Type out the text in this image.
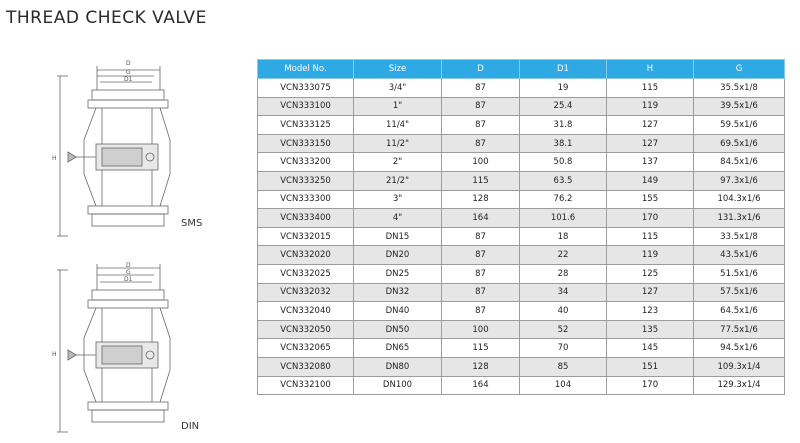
THREAD CHECK VALVE
D
G
D1
H
SMS
D
G
D1
H
DIN
Model No.	Size	D	D1	H	G
VCN333075	3/4"	87	19	115	35.5x1/8
VCN333100	1"	87	25.4	119	39.5x1/6
VCN333125	11/4"	87	31.8	127	59.5x1/6
VCN333150	11/2"	87	38.1	127	69.5x1/6
VCN333200	2"	100	50.8	137	84.5x1/6
VCN333250	21/2"	115	63.5	149	97.3x1/6
VCN333300	3"	128	76.2	155	104.3x1/6
VCN333400	4"	164	101.6	170	131.3x1/6
VCN332015	DN15	87	18	115	33.5x1/8
VCN332020	DN20	87	22	119	43.5x1/6
VCN332025	DN25	87	28	125	51.5x1/6
VCN332032	DN32	87	34	127	57.5x1/6
VCN332040	DN40	87	40	123	64.5x1/6
VCN332050	DN50	100	52	135	77.5x1/6
VCN332065	DN65	115	70	145	94.5x1/6
VCN332080	DN80	128	85	151	109.3x1/4
VCN332100	DN100	164	104	170	129.3x1/4
